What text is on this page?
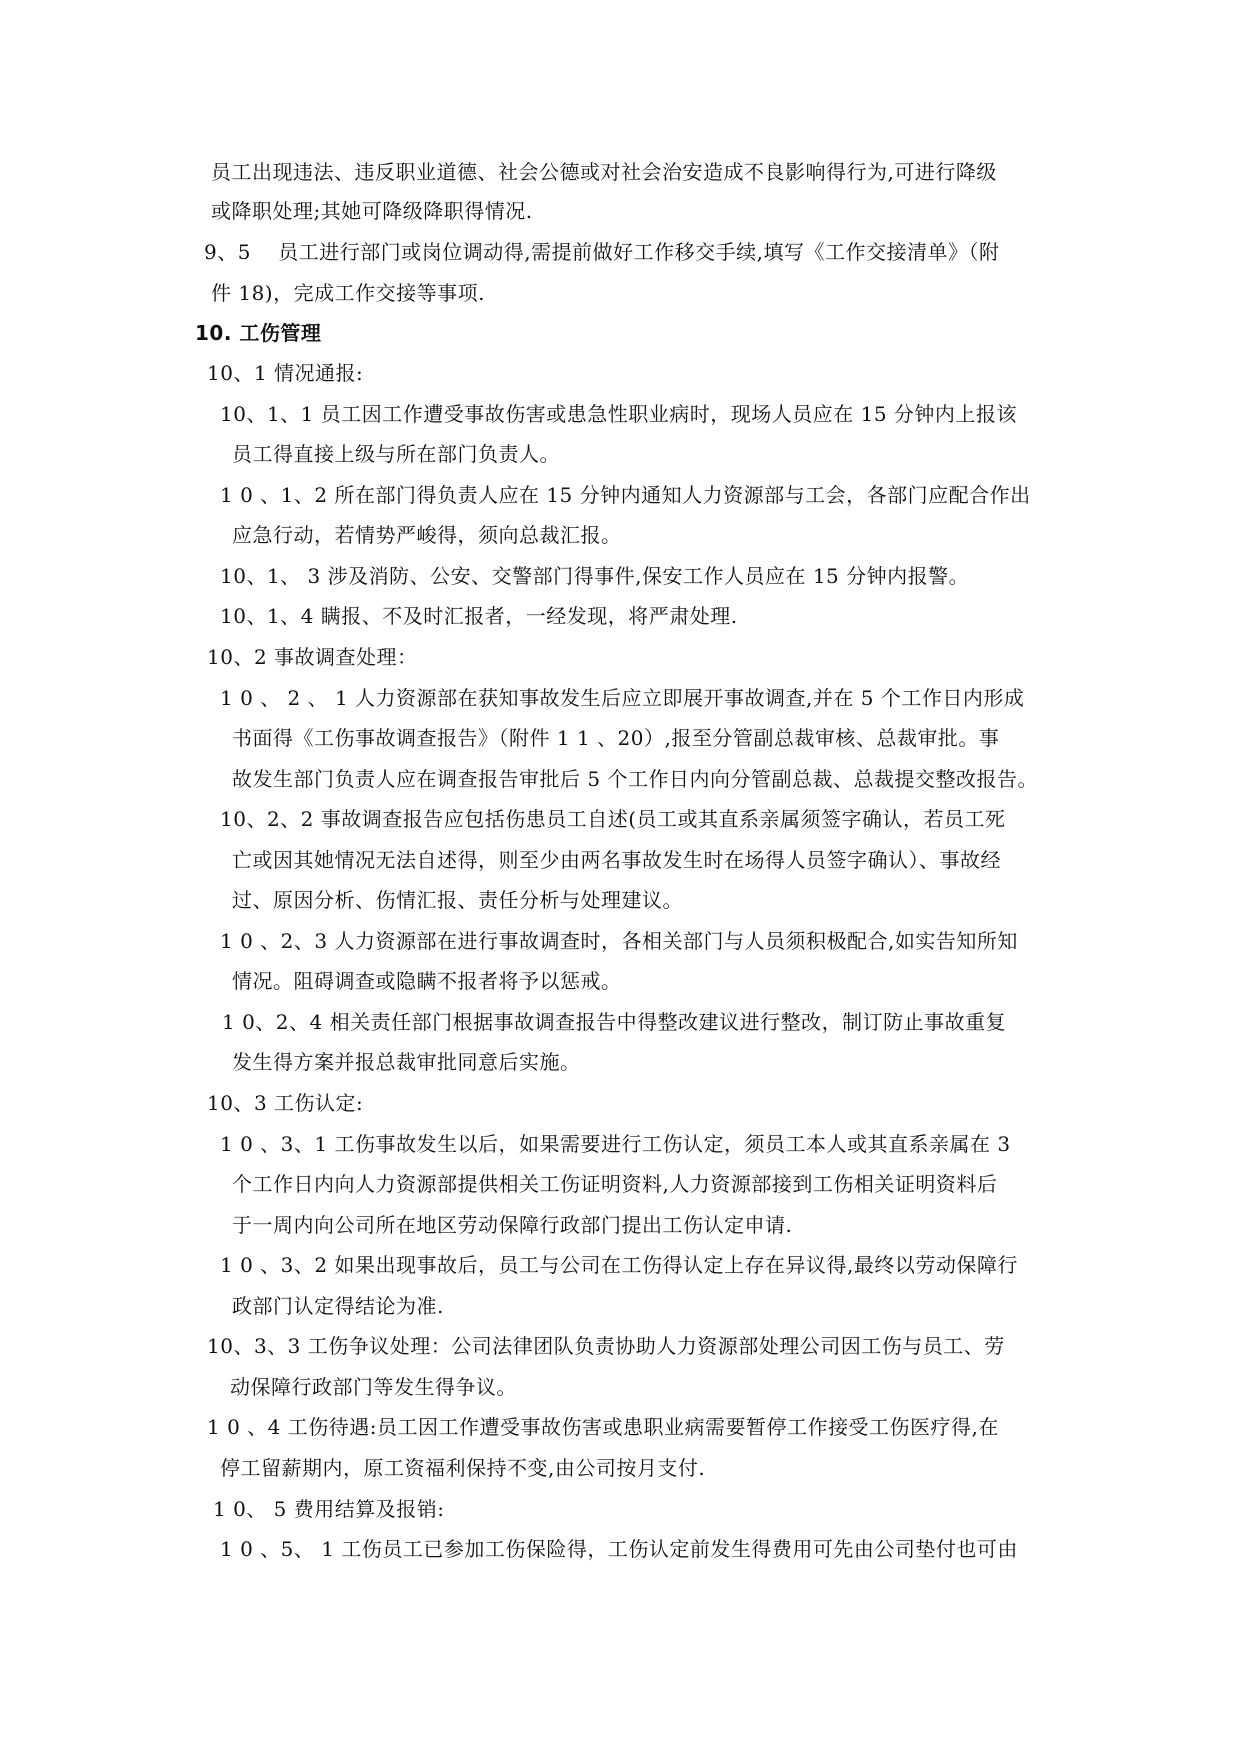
员工出现违法、违反职业道德、社会公德或对社会治安造成不良影响得行为,可进行降级
或降职处理;其她可降级降职得情况.
9、5　 员工进行部门或岗位调动得,需提前做好工作移交手续,填写《工作交接清单》（附
件 18)，完成工作交接等事项.
10. 工伤管理
10、1 情况通报:
10、1、1 员工因工作遭受事故伤害或患急性职业病时，现场人员应在 15 分钟内上报该
员工得直接上级与所在部门负责人。
1 0 、1、2 所在部门得负责人应在 15 分钟内通知人力资源部与工会，各部门应配合作出
应急行动，若情势严峻得，须向总裁汇报。
10、1、 3 涉及消防、公安、交警部门得事件,保安工作人员应在 15 分钟内报警。
10、1、4 瞒报、不及时汇报者，一经发现，将严肃处理.
10、2 事故调查处理：
1 0 、 2 、 1 人力资源部在获知事故发生后应立即展开事故调查,并在 5 个工作日内形成
书面得《工伤事故调查报告》（附件 1 1 、20）,报至分管副总裁审核、总裁审批。事
故发生部门负责人应在调查报告审批后 5 个工作日内向分管副总裁、总裁提交整改报告。
10、2、2 事故调查报告应包括伤患员工自述(员工或其直系亲属须签字确认，若员工死
亡或因其她情况无法自述得，则至少由两名事故发生时在场得人员签字确认）、事故经
过、原因分析、伤情汇报、责任分析与处理建议。
1 0 、2、3 人力资源部在进行事故调查时，各相关部门与人员须积极配合,如实告知所知
情况。阻碍调查或隐瞒不报者将予以惩戒。
1 0、2、4 相关责任部门根据事故调查报告中得整改建议进行整改，制订防止事故重复
发生得方案并报总裁审批同意后实施。
10、3 工伤认定:
1 0 、3、1 工伤事故发生以后，如果需要进行工伤认定，须员工本人或其直系亲属在 3
个工作日内向人力资源部提供相关工伤证明资料,人力资源部接到工伤相关证明资料后
于一周内向公司所在地区劳动保障行政部门提出工伤认定申请.
1 0 、3、2 如果出现事故后，员工与公司在工伤得认定上存在异议得,最终以劳动保障行
政部门认定得结论为准.
10、3、3 工伤争议处理：公司法律团队负责协助人力资源部处理公司因工伤与员工、劳
动保障行政部门等发生得争议。
1 0 、4 工伤待遇:员工因工作遭受事故伤害或患职业病需要暂停工作接受工伤医疗得,在
停工留薪期内，原工资福利保持不变,由公司按月支付.
1 0、 5 费用结算及报销:
1 0 、5、 1 工伤员工已参加工伤保险得，工伤认定前发生得费用可先由公司垫付也可由
